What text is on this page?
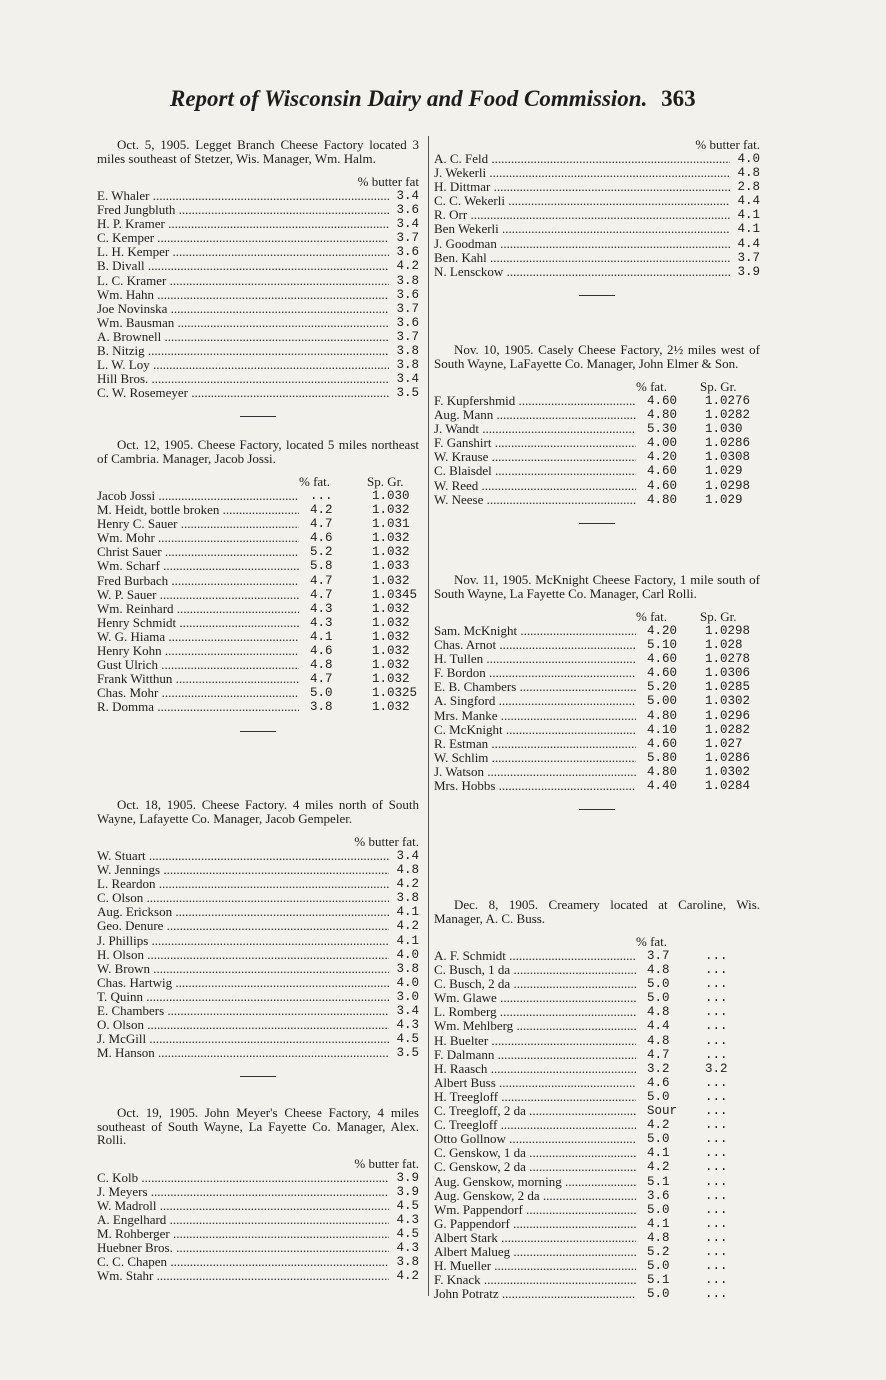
Report of Wisconsin Dairy and Food Commission. 363

Oct. 5, 1905. Legget Branch Cheese Factory located 3 miles southeast of Stetzer, Wis. Manager, Wm. Halm.

% butter fat
E. Whaler .....	3.4
Fred Jungbluth .....	3.6
H. P. Kramer .....	3.4
C. Kemper .....	3.7
L. H. Kemper .....	3.6
B. Divall .....	4.2
L. C. Kramer .....	3.8
Wm. Hahn .....	3.6
Joe Novinska .....	3.7
Wm. Bausman .....	3.6
A. Brownell .....	3.7
B. Nitzig .....	3.8
L. W. Loy .....	3.8
Hill Bros. .....	3.4
C. W. Rosemeyer .....	3.5

Oct. 12, 1905. Cheese Factory, located 5 miles northeast of Cambria. Manager, Jacob Jossi.

% fat.	Sp. Gr.
Jacob Jossi .....	...	1.030
M. Heidt, bottle broken .....	4.2	1.032
Henry C. Sauer .....	4.7	1.031
Wm. Mohr .....	4.6	1.032
Christ Sauer .....	5.2	1.032
Wm. Scharf .....	5.8	1.033
Fred Burbach .....	4.7	1.032
W. P. Sauer .....	4.7	1.0345
Wm. Reinhard .....	4.3	1.032
Henry Schmidt .....	4.3	1.032
W. G. Hiama .....	4.1	1.032
Henry Kohn .....	4.6	1.032
Gust Ulrich .....	4.8	1.032
Frank Witthun .....	4.7	1.032
Chas. Mohr .....	5.0	1.0325
R. Domma .....	3.8	1.032

Oct. 18, 1905. Cheese Factory. 4 miles north of South Wayne, Lafayette Co. Manager, Jacob Gempeler.

% butter fat.
W. Stuart .....	3.4
W. Jennings .....	4.8
L. Reardon .....	4.2
C. Olson .....	3.8
Aug. Erickson .....	4.1
Geo. Denure .....	4.2
J. Phillips .....	4.1
H. Olson .....	4.0
W. Brown .....	3.8
Chas. Hartwig .....	4.0
T. Quinn .....	3.0
E. Chambers .....	3.4
O. Olson .....	4.3
J. McGill .....	4.5
M. Hanson .....	3.5

Oct. 19, 1905. John Meyer's Cheese Factory, 4 miles southeast of South Wayne, La Fayette Co. Manager, Alex. Rolli.

% butter fat.
C. Kolb .....	3.9
J. Meyers .....	3.9
W. Madroll .....	4.5
A. Engelhard .....	4.3
M. Rohberger .....	4.5
Huebner Bros. .....	4.3
C. C. Chapen .....	3.8
Wm. Stahr .....	4.2
% butter fat.
A. C. Feld .....	4.0
J. Wekerli .....	4.8
H. Dittmar .....	2.8
C. C. Wekerli .....	4.4
R. Orr .....	4.1
Ben Wekerli .....	4.1
J. Goodman .....	4.4
Ben. Kahl .....	3.7
N. Lensckow .....	3.9

Nov. 10, 1905. Casely Cheese Factory, 2½ miles west of South Wayne, LaFayette Co. Manager, John Elmer & Son.

% fat.	Sp. Gr.
F. Kupfershmid .....	4.60 1.0276
Aug. Mann .....	4.80 1.0282
J. Wandt .....	5.30 1.030
F. Ganshirt .....	4.00 1.0286
W. Krause .....	4.20 1.0308
C. Blaisdel .....	4.60 1.029
W. Reed .....	4.60 1.0298
W. Neese .....	4.80 1.029

Nov. 11, 1905. McKnight Cheese Factory, 1 mile south of South Wayne, La Fayette Co. Manager, Carl Rolli.

% fat.	Sp. Gr.
Sam. McKnight .....	4.20 1.0298
Chas. Arnot .....	5.10 1.028
H. Tullen .....	4.60 1.0278
F. Bordon .....	4.60 1.0306
E. B. Chambers .....	5.20 1.0285
A. Singford .....	5.00 1.0302
Mrs. Manke .....	4.80 1.0296
C. McKnight .....	4.10 1.0282
R. Estman .....	4.60 1.027
W. Schlim .....	5.80 1.0286
J. Watson .....	4.80 1.0302
Mrs. Hobbs .....	4.40 1.0284

Dec. 8, 1905. Creamery located at Caroline, Wis. Manager, A. C. Buss.

% fat.
A. F. Schmidt .....	3.7	...
C. Busch, 1 da .....	4.8	...
C. Busch, 2 da .....	5.0	...
Wm. Glawe .....	5.0	...
L. Romberg .....	4.8	...
Wm. Mehlberg .....	4.4	...
H. Buelter .....	4.8	...
F. Dalmann .....	4.7	...
H. Raasch .....	3.2	3.2
Albert Buss .....	4.6	...
H. Treegloff .....	5.0	...
C. Treegloff, 2 da .....	Sour ...
C. Treegloff .....	4.2	...
Otto Gollnow .....	5.0	...
C. Genskow, 1 da .....	4.1	...
C. Genskow, 2 da .....	4.2	...
Aug. Genskow, morning .....	5.1	...
Aug. Genskow, 2 da .....	3.6	...
Wm. Pappendorf .....	5.0	...
G. Pappendorf .....	4.1	...
Albert Stark .....	4.8	...
Albert Malueg .....	5.2	...
H. Mueller .....	5.0	...
F. Knack .....	5.1	...
John Potratz .....	5.0	...
